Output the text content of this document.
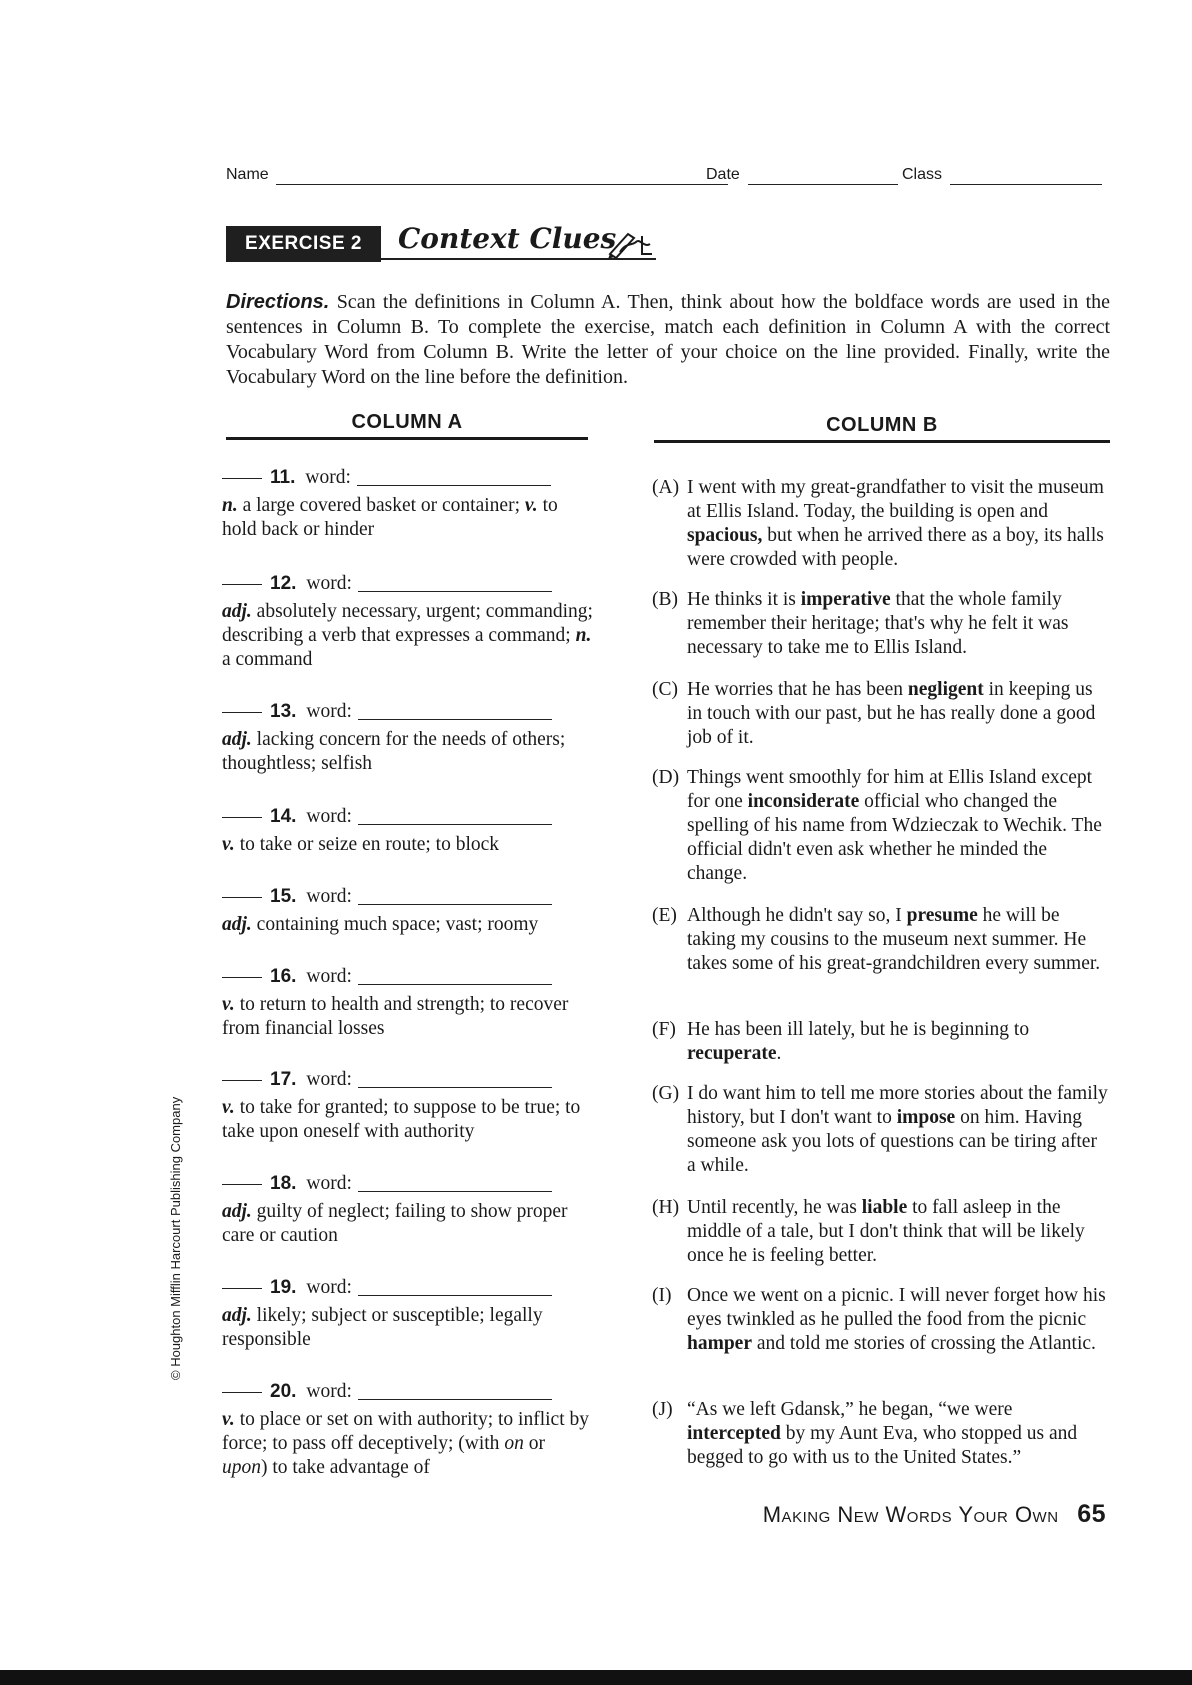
Name	Date	Class
EXERCISE 2	Context Clues
Directions. Scan the definitions in Column A. Then, think about how the boldface words are used in the sentences in Column B. To complete the exercise, match each definition in Column A with the correct Vocabulary Word from Column B. Write the letter of your choice on the line provided. Finally, write the Vocabulary Word on the line before the definition.
COLUMN A	COLUMN B
11. word:
n. a large covered basket or container; v. to hold back or hinder
12. word:
adj. absolutely necessary, urgent; commanding; describing a verb that expresses a command; n. a command
13. word:
adj. lacking concern for the needs of others; thoughtless; selfish
14. word:
v. to take or seize en route; to block
15. word:
adj. containing much space; vast; roomy
16. word:
v. to return to health and strength; to recover from financial losses
17. word:
v. to take for granted; to suppose to be true; to take upon oneself with authority
18. word:
adj. guilty of neglect; failing to show proper care or caution
19. word:
adj. likely; subject or susceptible; legally responsible
20. word:
v. to place or set on with authority; to inflict by force; to pass off deceptively; (with on or upon) to take advantage of
(A) I went with my great-grandfather to visit the museum at Ellis Island. Today, the building is open and spacious, but when he arrived there as a boy, its halls were crowded with people.
(B) He thinks it is imperative that the whole family remember their heritage; that's why he felt it was necessary to take me to Ellis Island.
(C) He worries that he has been negligent in keeping us in touch with our past, but he has really done a good job of it.
(D) Things went smoothly for him at Ellis Island except for one inconsiderate official who changed the spelling of his name from Wdzieczak to Wechik. The official didn't even ask whether he minded the change.
(E) Although he didn't say so, I presume he will be taking my cousins to the museum next summer. He takes some of his great-grandchildren every summer.
(F) He has been ill lately, but he is beginning to recuperate.
(G) I do want him to tell me more stories about the family history, but I don't want to impose on him. Having someone ask you lots of questions can be tiring after a while.
(H) Until recently, he was liable to fall asleep in the middle of a tale, but I don't think that will be likely once he is feeling better.
(I) Once we went on a picnic. I will never forget how his eyes twinkled as he pulled the food from the picnic hamper and told me stories of crossing the Atlantic.
(J) “As we left Gdansk,” he began, “we were intercepted by my Aunt Eva, who stopped us and begged to go with us to the United States.”
© Houghton Mifflin Harcourt Publishing Company
Making New Words Your Own 65
